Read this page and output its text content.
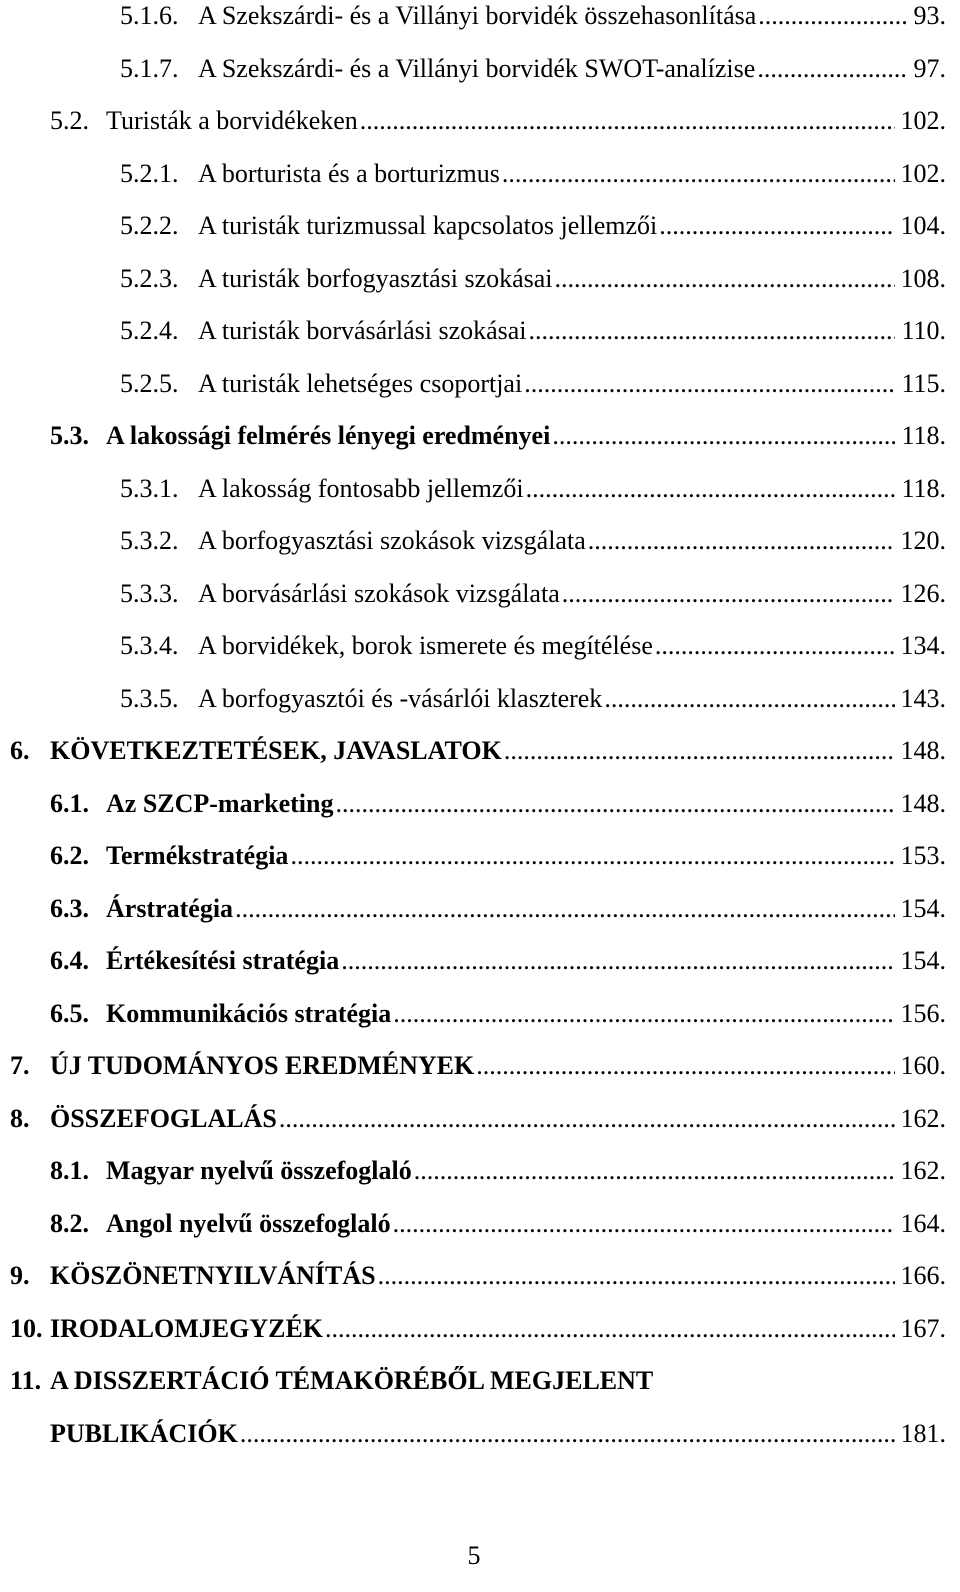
5.1.6. A Szekszárdi- és a Villányi borvidék összehasonlítása .....	93.
5.1.7. A Szekszárdi- és a Villányi borvidék SWOT-analízise .....	97.
5.2. Turisták a borvidékeken .....	102.
5.2.1. A borturista és a borturizmus .....	102.
5.2.2. A turisták turizmussal kapcsolatos jellemzői .....	104.
5.2.3. A turisták borfogyasztási szokásai .....	108.
5.2.4. A turisták borvásárlási szokásai .....	110.
5.2.5. A turisták lehetséges csoportjai .....	115.
5.3. A lakossági felmérés lényegi eredményei .....	118.
5.3.1. A lakosság fontosabb jellemzői .....	118.
5.3.2. A borfogyasztási szokások vizsgálata .....	120.
5.3.3. A borvásárlási szokások vizsgálata .....	126.
5.3.4. A borvidékek, borok ismerete és megítélése .....	134.
5.3.5. A borfogyasztói és -vásárlói klaszterek .....	143.
6. KÖVETKEZTETÉSEK, JAVASLATOK .....	148.
6.1. Az SZCP-marketing .....	148.
6.2. Termékstratégia .....	153.
6.3. Árstratégia .....	154.
6.4. Értékesítési stratégia .....	154.
6.5. Kommunikációs stratégia .....	156.
7. ÚJ TUDOMÁNYOS EREDMÉNYEK .....	160.
8. ÖSSZEFOGLALÁS .....	162.
8.1. Magyar nyelvű összefoglaló .....	162.
8.2. Angol nyelvű összefoglaló .....	164.
9. KÖSZÖNETNYILVÁNÍTÁS .....	166.
10. IRODALOMJEGYZÉK .....	167.
11. A DISSZERTÁCIÓ TÉMAKÖRÉBŐL MEGJELENT
PUBLIKÁCIÓK .....	181.
5
